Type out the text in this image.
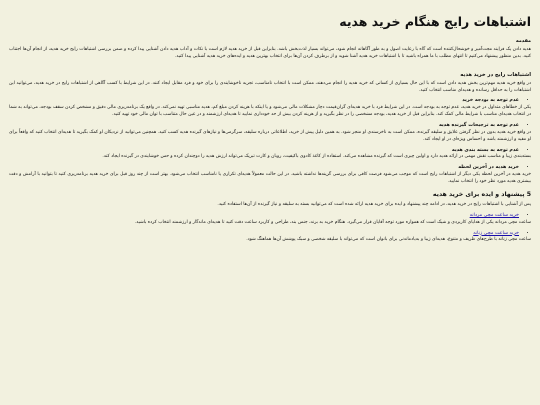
اشتباهات رایج هنگام خرید هدیه
مقدمه

هدیه دادن یک فرایند مجت‌آمیز و خوشحال‌کننده است که گاه با رعایت اصول و به طور آگاهانه انجام شود، می‌تواند بسیار لذت‌بخش باشد. بنابراین قبل از خرید هدیه لازم است با نکات و آداب هدیه دادن آشنایی پیدا کرده و ضمن بررسی اشتباهات رایج خرید هدیه، از انجام آن‌ها اجتناب کنید. بدین منظور پیشنهاد می‌کنیم تا انتهای مطلب با ما همراه باشید تا با اشتباهات خرید هدیه آشنا شوید و از برطرف کردن آن‌ها برای انتخاب بهترین هدیه و ایده‌های خرید هدیه آشنایی پیدا کنید.

اشتباهات رایج در خرید هدیه

در واقع خرید هدیه مهم‌ترین بخش هدیه دادن است که با این حال بسیاری از کسانی که خرید هدیه را انجام می‌دهند، ممکن است با انتخاب نامناسب، تجربه ناخوشایندی را برای خود و فرد مقابل ایجاد کنند. در این شرایط با کسب آگاهی از اشتباهات رایج در خرید هدیه، می‌توانید این اشتباهات را به حداقل رسانده و هدیه‌ای مناسب انتخاب کنید.

• عدم توجه به بودجه خرید

یکی از خطاهای متداول در خرید هدیه، عدم توجه به بودجه است. در این شرایط فرد با خرید هدیه‌ای گران‌قیمت دچار مشکلات مالی می‌شود و یا اینکه با هزینه کردن مبلغ کم، هدیه مناسبی تهیه نمی‌کند. در واقع یک برنامه‌ریزی مالی دقیق و مشخص کردن سقف بودجه، می‌تواند به شما در انتخاب هدیه‌ای مناسب با شرایط مالی کمک کند. بنابراین قبل از خرید هدیه، بودجه مشخصی را در نظر بگیرید و از هزینه کردن بیش از حد خودداری نمایید تا هدیه‌ای ارزشمند و در عین حال متناسب با توان مالی خود تهیه کنید.

• عدم توجه به ترجیحات گیرنده هدیه

در واقع خرید هدیه بدون در نظر گرفتن علایق و سلیقه گیرنده، ممکن است به ناخرسندی او منجر شود. به همین دلیل پیش از خرید، اطلاعاتی درباره سلیقه، سرگرمی‌ها و نیازهای گیرنده هدیه کسب کنید. همچنین می‌توانید از نزدیکان او کمک بگیرید تا هدیه‌ای انتخاب کنید که واقعاً برای او مفید و ارزشمند باشد و احساس ویژه‌ای در او ایجاد کند.

• عدم توجه به بسته بندی هدیه

بسته‌بندی زیبا و مناسب نقش مهمی در ارائه هدیه دارد و اولین چیزی است که گیرنده مشاهده می‌کند. استفاده از کاغذ کادوی باکیفیت، روبان و کارت تبریک می‌تواند ارزش هدیه را دوچندان کرده و حس خوشایندی در گیرنده ایجاد کند.

• خرید هدیه در آخرین لحظه

خرید هدیه در آخرین لحظه یکی دیگر از اشتباهات رایج است که موجب می‌شود فرصت کافی برای بررسی گزینه‌ها نداشته باشید. در این حالت معمولاً هدیه‌ای تکراری یا نامناسب انتخاب می‌شود. بهتر است از چند روز قبل برای خرید هدیه برنامه‌ریزی کنید تا بتوانید با آرامش و دقت بیشتری هدیه مورد نظر خود را انتخاب نمایید.

5 پیشنهاد و ایده برای خرید هدیه

پس از آشنایی با اشتباهات رایج در خرید هدیه، در ادامه چند پیشنهاد و ایده برای خرید هدیه ارائه شده است که می‌توانید بسته به سلیقه و نیاز گیرنده از آن‌ها استفاده کنید.

• خرید ساعت مچی مردانه

ساعت مچی مردانه یکی از هدایای کاربردی و شیک است که همواره مورد توجه آقایان قرار می‌گیرد. هنگام خرید به برند، جنس بند، طراحی و کاربرد ساعت دقت کنید تا هدیه‌ای ماندگار و ارزشمند انتخاب کرده باشید.

• خرید ساعت مچی زنانه

ساعت مچی زنانه با طرح‌های ظریف و متنوع، هدیه‌ای زیبا و به‌یادماندنی برای بانوان است که می‌تواند با سلیقه شخصی و سبک پوشش آن‌ها هماهنگ شود.
